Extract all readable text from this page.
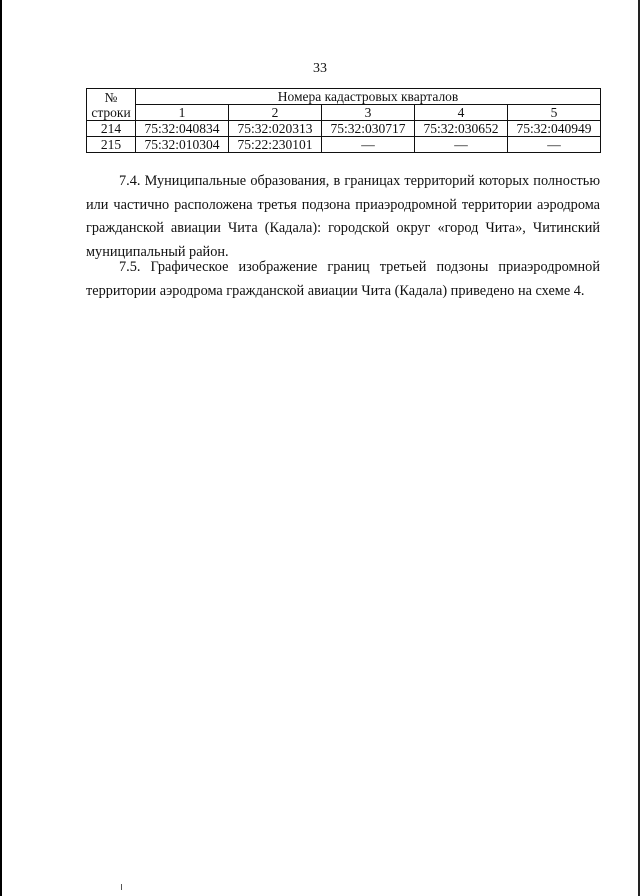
33
№
строки	Номера кадастровых кварталов				
	1	2	3	4	5
214	75:32:040834	75:32:020313	75:32:030717	75:32:030652	75:32:040949
215	75:32:010304	75:22:230101	—	—	—

7.4. Муниципальные образования, в границах территорий которых полностью или частично расположена третья подзона приаэродромной территории аэродрома гражданской авиации Чита (Кадала): городской округ «город Чита», Читинский муниципальный район.

7.5. Графическое изображение границ третьей подзоны приаэродромной территории аэродрома гражданской авиации Чита (Кадала) приведено на схеме 4.
